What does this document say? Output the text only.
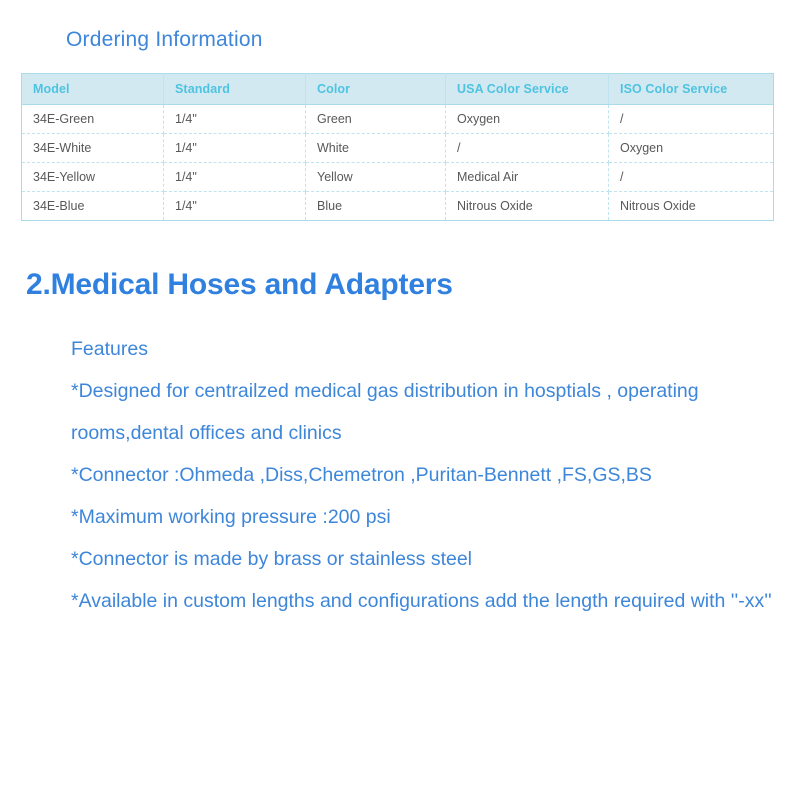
Ordering Information
Model	Standard	Color	USA Color Service	ISO Color Service
34E-Green	1/4"	Green	Oxygen	/
34E-White	1/4"	White	/	Oxygen
34E-Yellow	1/4"	Yellow	Medical Air	/
34E-Blue	1/4"	Blue	Nitrous Oxide	Nitrous Oxide
2.Medical Hoses and Adapters
Features
*Designed for centrailzed medical gas distribution in hosptials , operating rooms,dental offices and clinics
*Connector :Ohmeda ,Diss,Chemetron ,Puritan-Bennett ,FS,GS,BS
*Maximum working pressure :200 psi
*Connector is made by brass or stainless steel
*Available in custom lengths and configurations add the length required with ''-xx''
